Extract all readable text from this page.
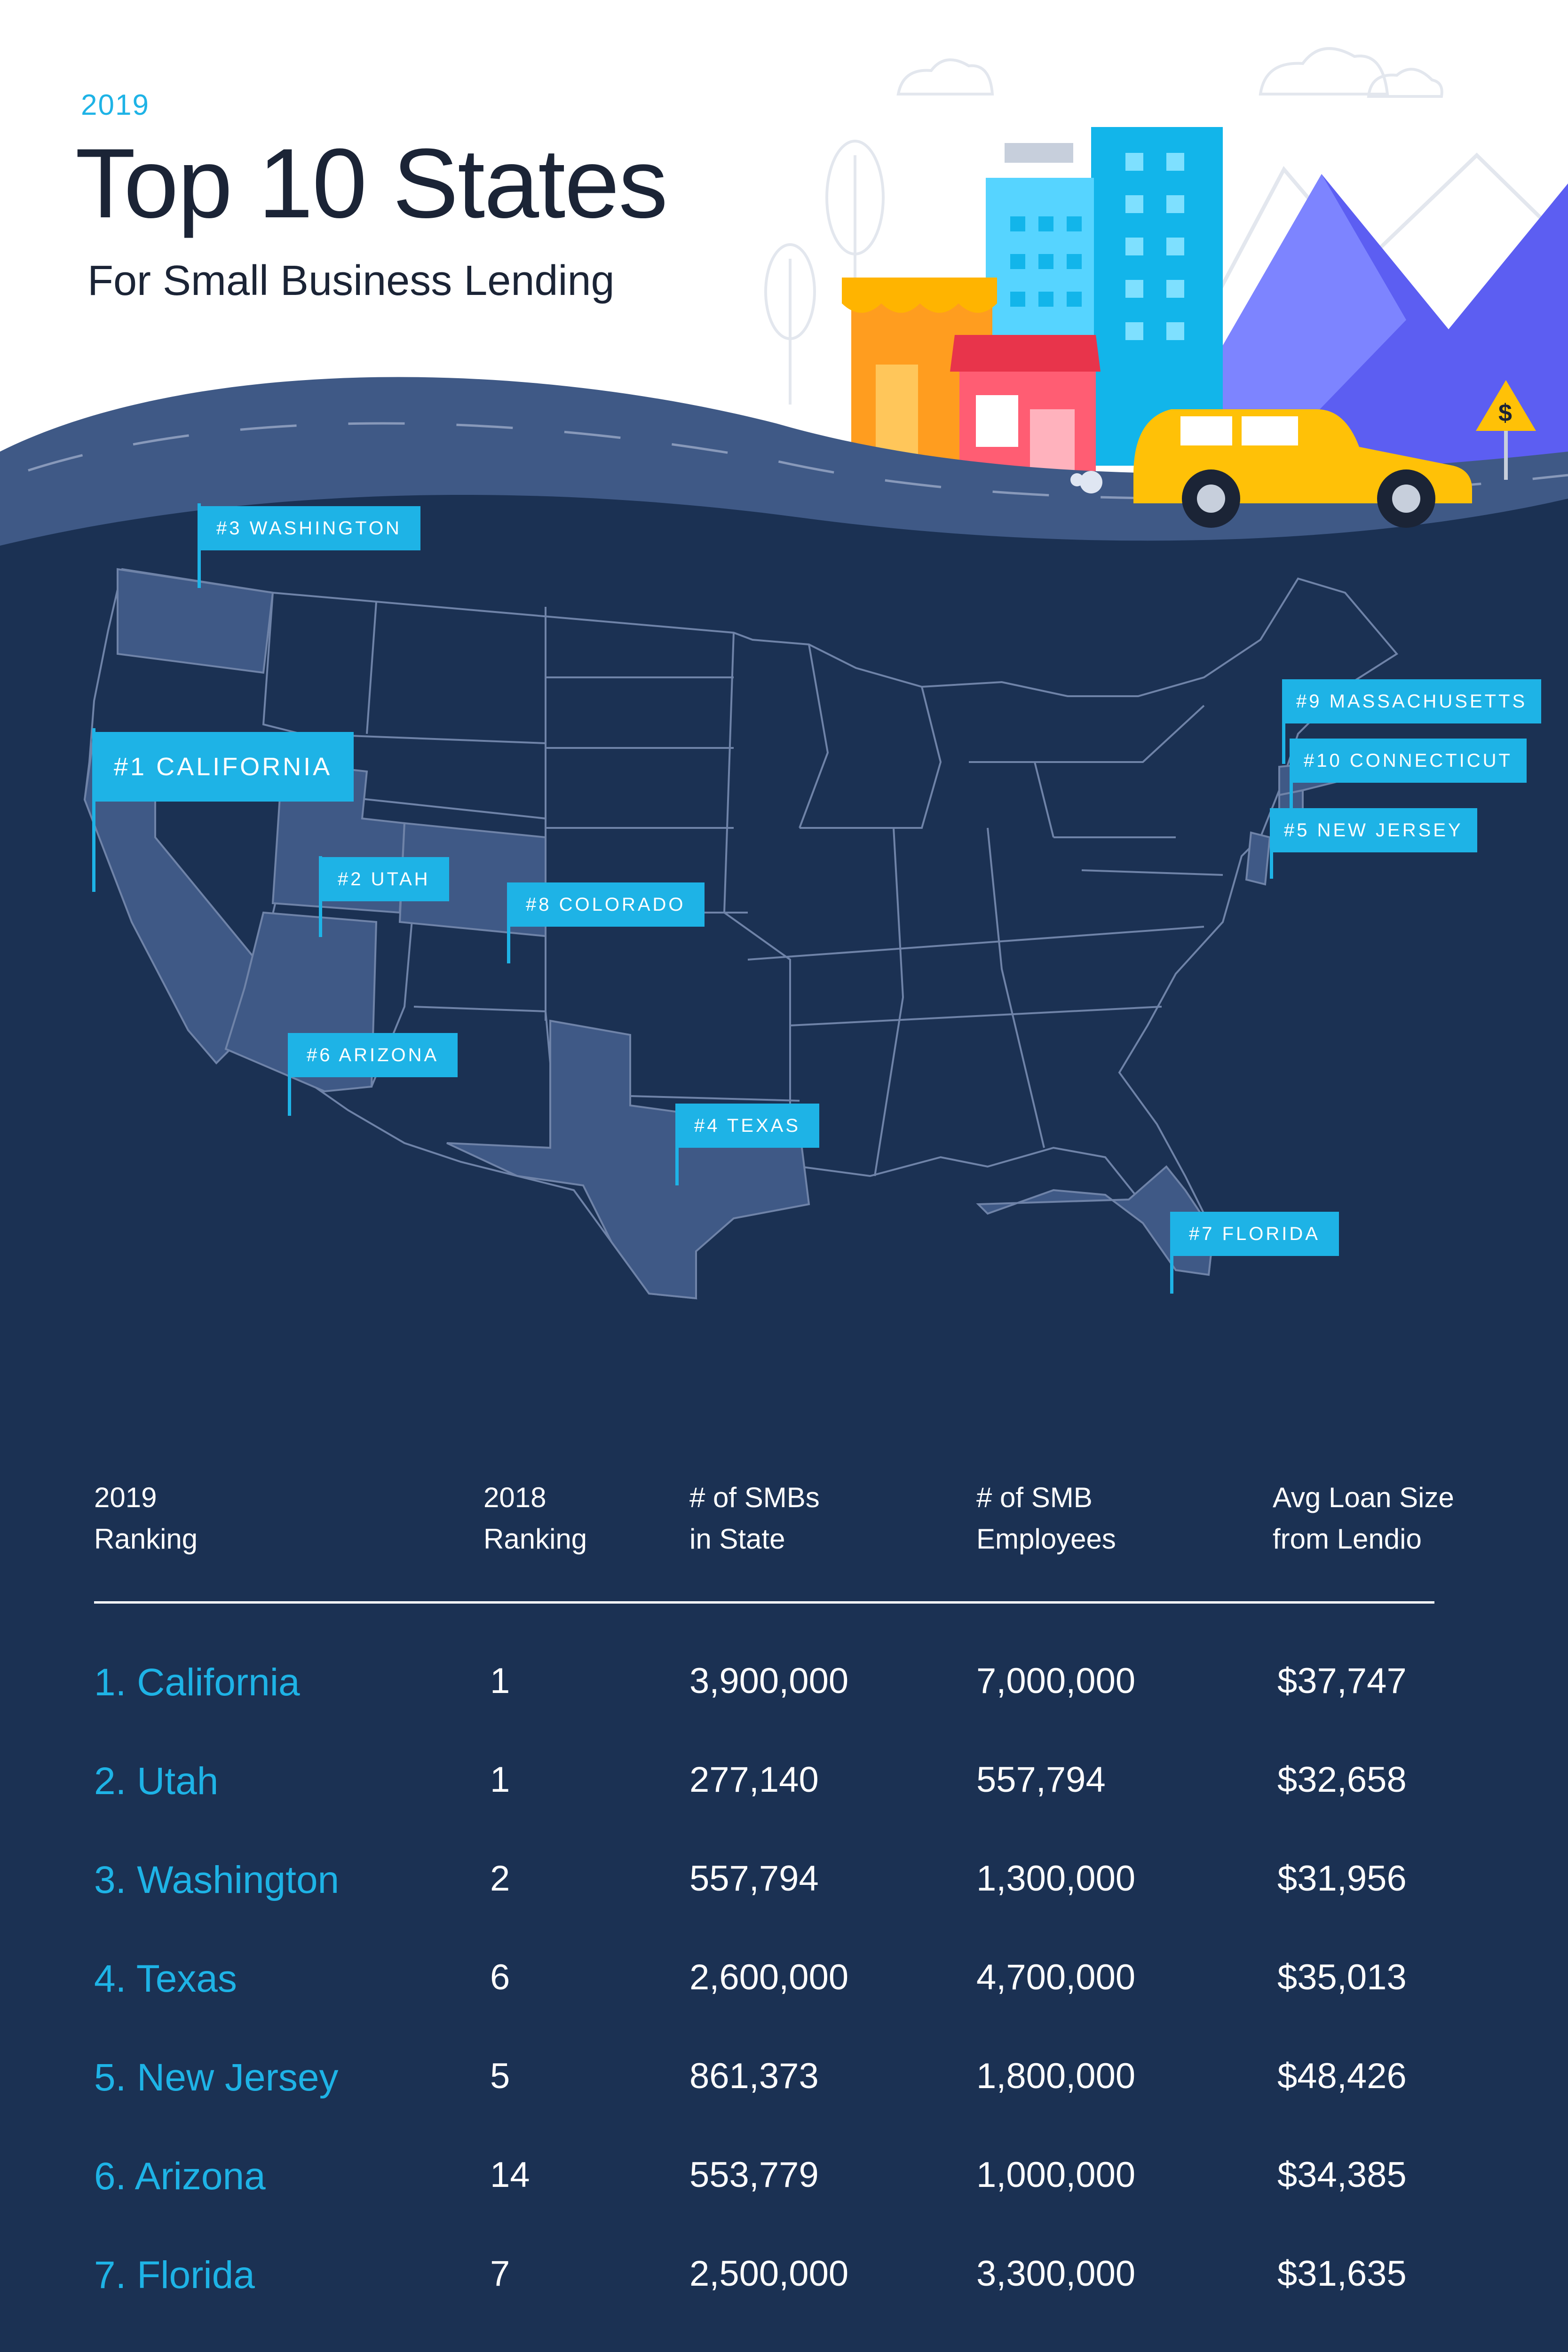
$
2019
Top 10 States
For Small Business Lending
#3 WASHINGTON
#1 CALIFORNIA
#2 UTAH
#8 COLORADO
#6 ARIZONA
#4 TEXAS
#7 FLORIDA
#9 MASSACHUSETTS
#10 CONNECTICUT
#5 NEW JERSEY
2019
Ranking
2018
Ranking
# of SMBs
in State
# of SMB
Employees
Avg Loan Size
from Lendio
1. California	1	3,900,000	7,000,000	$37,747
2. Utah	1	277,140	557,794	$32,658
3. Washington	2	557,794	1,300,000	$31,956
4. Texas	6	2,600,000	4,700,000	$35,013
5. New Jersey	5	861,373	1,800,000	$48,426
6. Arizona	14	553,779	1,000,000	$34,385
7. Florida	7	2,500,000	3,300,000	$31,635
